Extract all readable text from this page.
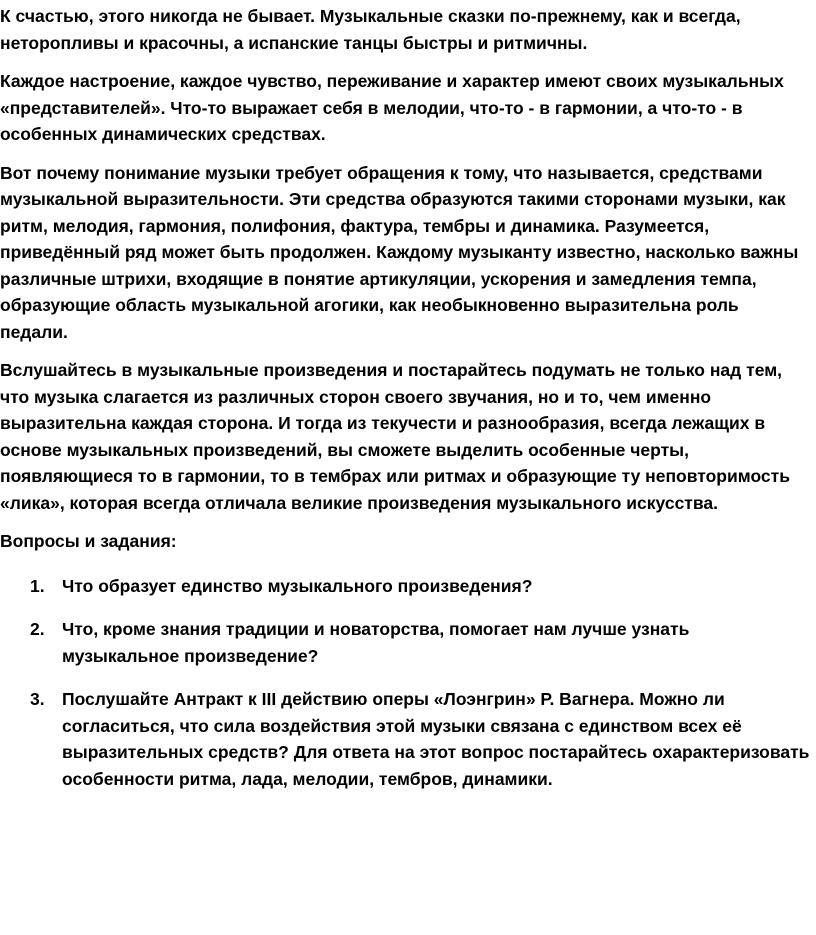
К счастью, этого никогда не бывает. Музыкальные сказки по-прежнему, как и всегда, неторопливы и красочны, а испанские танцы быстры и ритмичны.

Каждое настроение, каждое чувство, переживание и характер имеют своих музыкальных «представителей». Что-то выражает себя в мелодии, что-то - в гармонии, а что-то - в особенных динамических средствах.

Вот почему понимание музыки требует обращения к тому, что называется, средствами музыкальной выразительности. Эти средства образуются такими сторонами музыки, как ритм, мелодия, гармония, полифония, фактура, тембры и динамика. Разумеется, приведённый ряд может быть продолжен. Каждому музыканту известно, насколько важны различные штрихи, входящие в понятие артикуляции, ускорения и замедления темпа, образующие область музыкальной агогики, как необыкновенно выразительна роль педали.

Вслушайтесь в музыкальные произведения и постарайтесь подумать не только над тем, что музыка слагается из различных сторон своего звучания, но и то, чем именно выразительна каждая сторона. И тогда из текучести и разнообразия, всегда лежащих в основе музыкальных произведений, вы сможете выделить особенные черты, появляющиеся то в гармонии, то в тембрах или ритмах и образующие ту неповторимость «лика», которая всегда отличала великие произведения музыкального искусства.

Вопросы и задания:

1. Что образует единство музыкального произведения?
2. Что, кроме знания традиции и новаторства, помогает нам лучше узнать музыкальное произведение?
3. Послушайте Антракт к III действию оперы «Лоэнгрин» Р. Вагнера. Можно ли согласиться, что сила воздействия этой музыки связана с единством всех её выразительных средств? Для ответа на этот вопрос постарайтесь охарактеризовать особенности ритма, лада, мелодии, тембров, динамики.
